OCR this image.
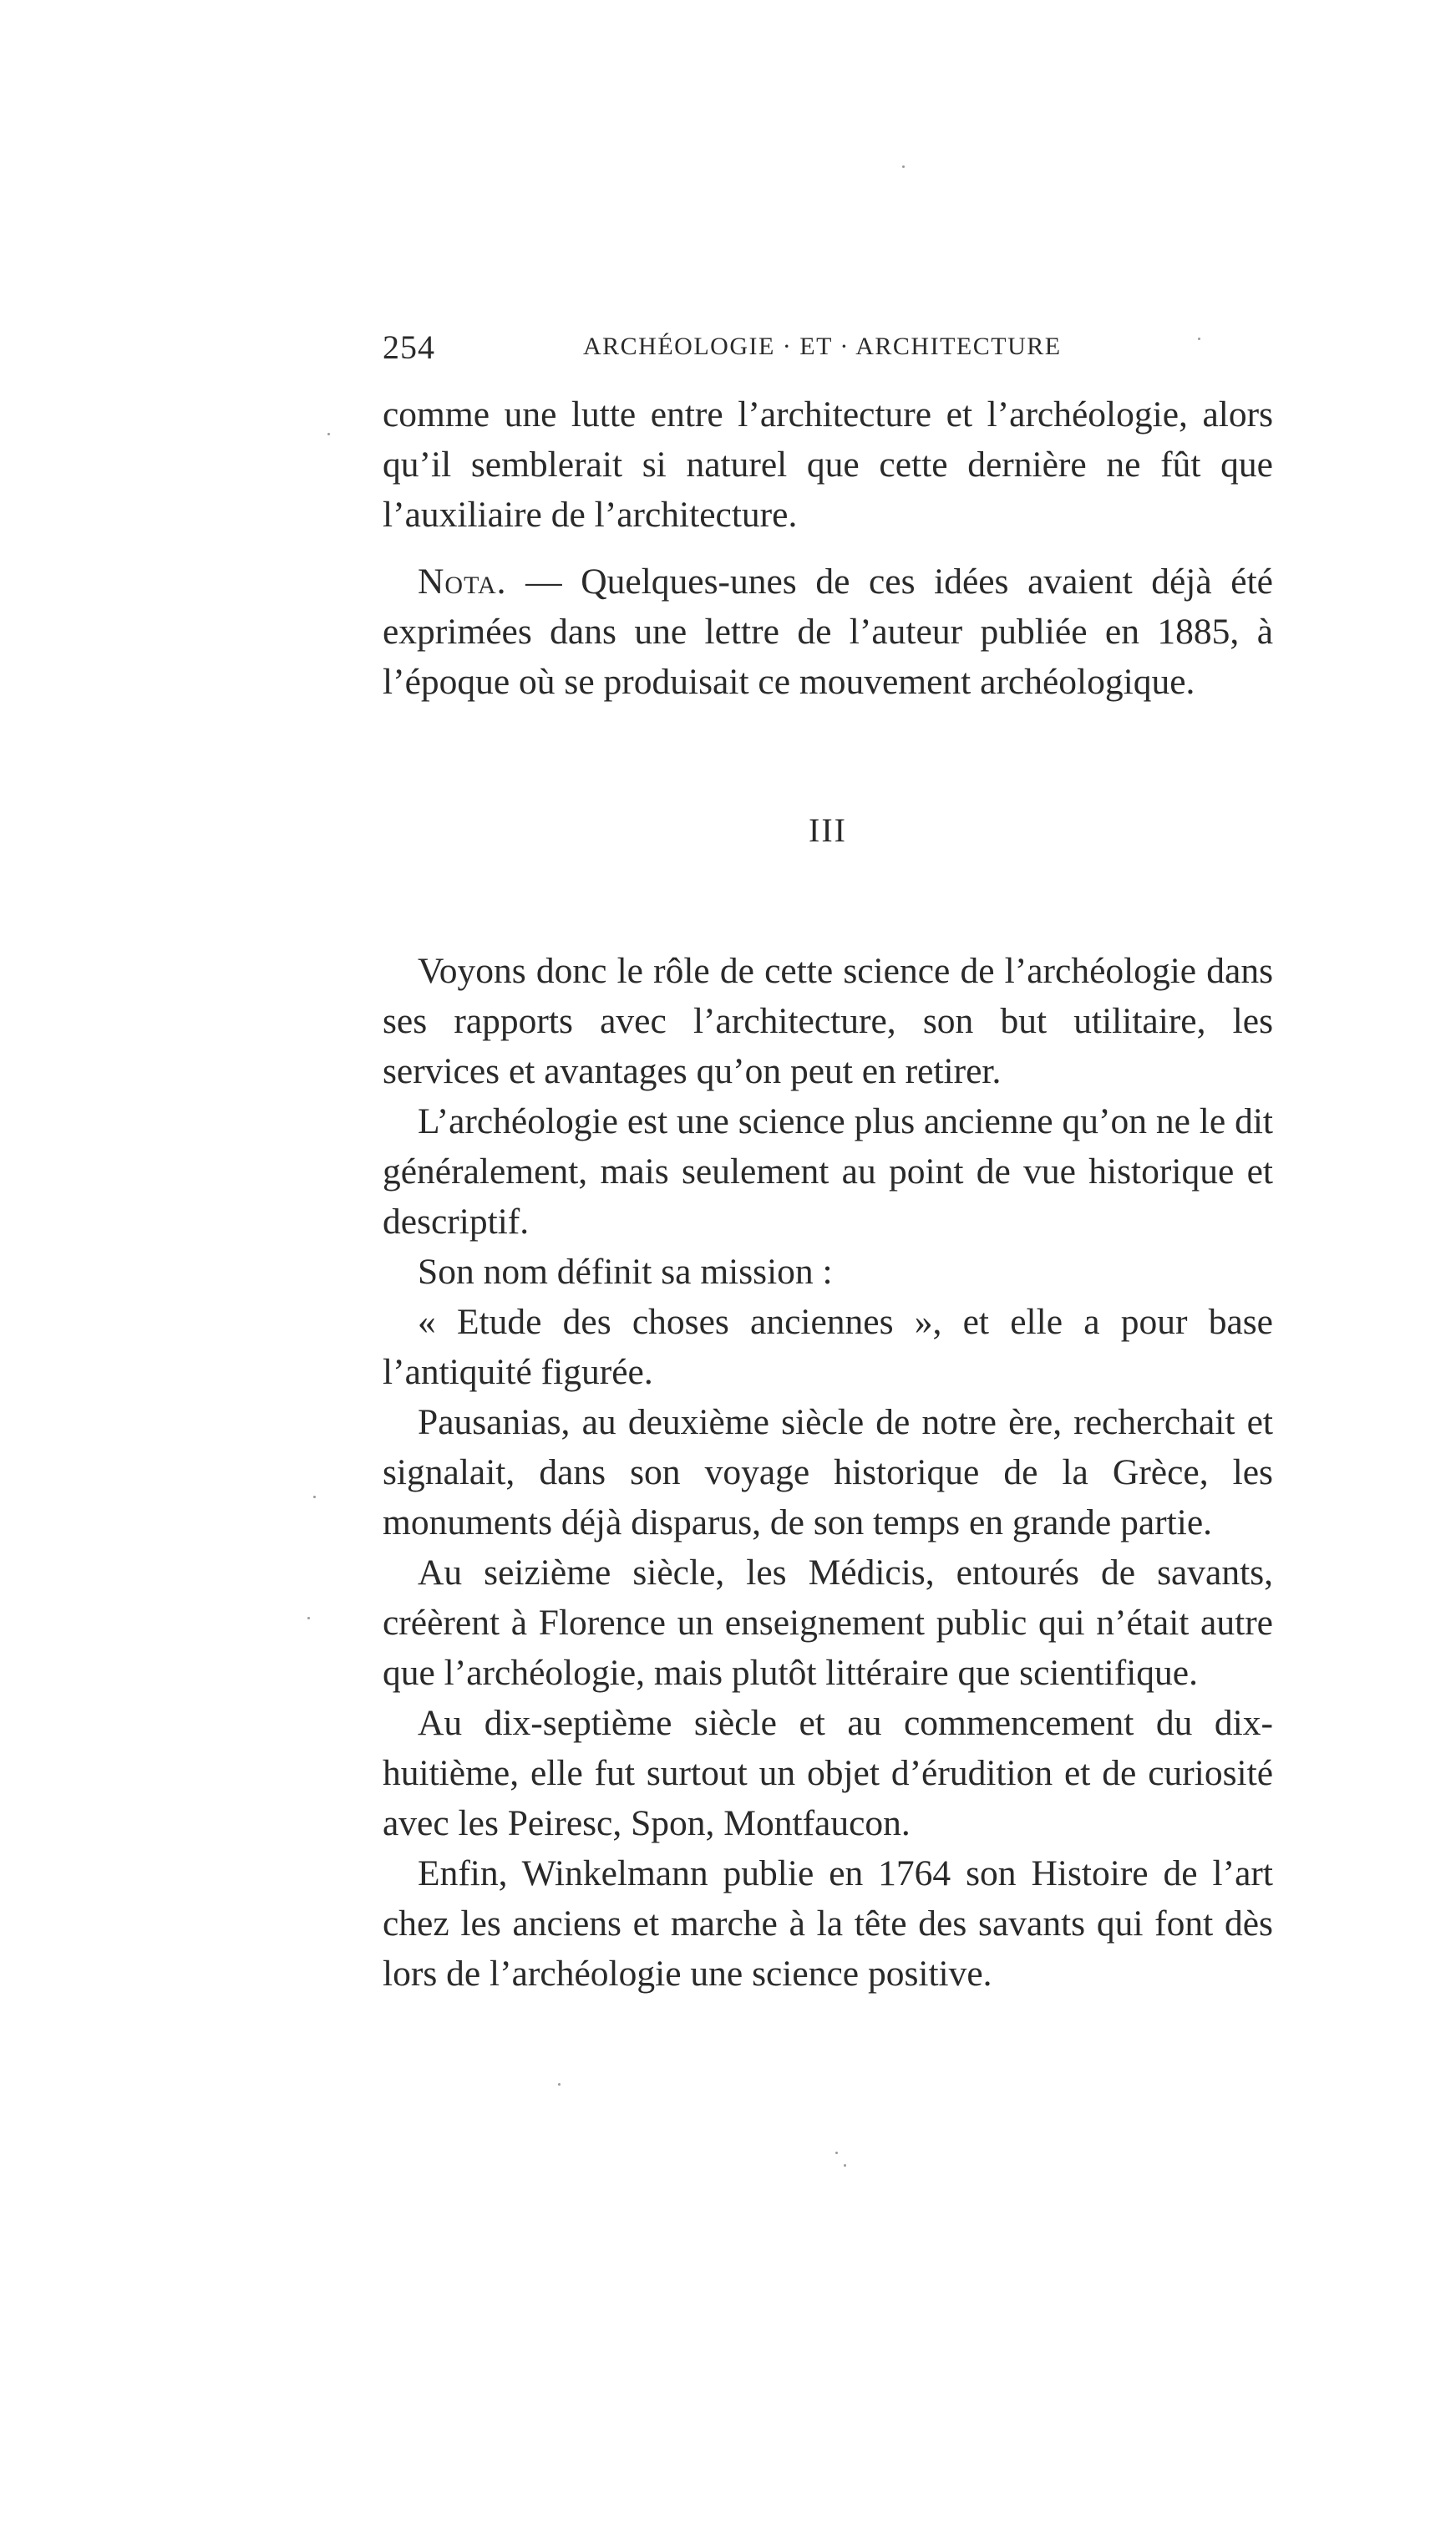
254	ARCHÉOLOGIE · ET · ARCHITECTURE

comme une lutte entre l’architecture et l’archéologie, alors qu’il semblerait si naturel que cette dernière ne fût que l’auxiliaire de l’architecture.

Nota. — Quelques-unes de ces idées avaient déjà été exprimées dans une lettre de l’auteur publiée en 1885, à l’époque où se produisait ce mouvement archéologique.

III

Voyons donc le rôle de cette science de l’archéologie dans ses rapports avec l’architecture, son but utilitaire, les services et avantages qu’on peut en retirer.

L’archéologie est une science plus ancienne qu’on ne le dit généralement, mais seulement au point de vue historique et descriptif.

Son nom définit sa mission :

« Etude des choses anciennes », et elle a pour base l’antiquité figurée.

Pausanias, au deuxième siècle de notre ère, recherchait et signalait, dans son voyage historique de la Grèce, les monuments déjà disparus, de son temps en grande partie.

Au seizième siècle, les Médicis, entourés de savants, créèrent à Florence un enseignement public qui n’était autre que l’archéologie, mais plutôt littéraire que scientifique.

Au dix-septième siècle et au commencement du dix-huitième, elle fut surtout un objet d’érudition et de curiosité avec les Peiresc, Spon, Montfaucon.

Enfin, Winkelmann publie en 1764 son Histoire de l’art chez les anciens et marche à la tête des savants qui font dès lors de l’archéologie une science positive.
